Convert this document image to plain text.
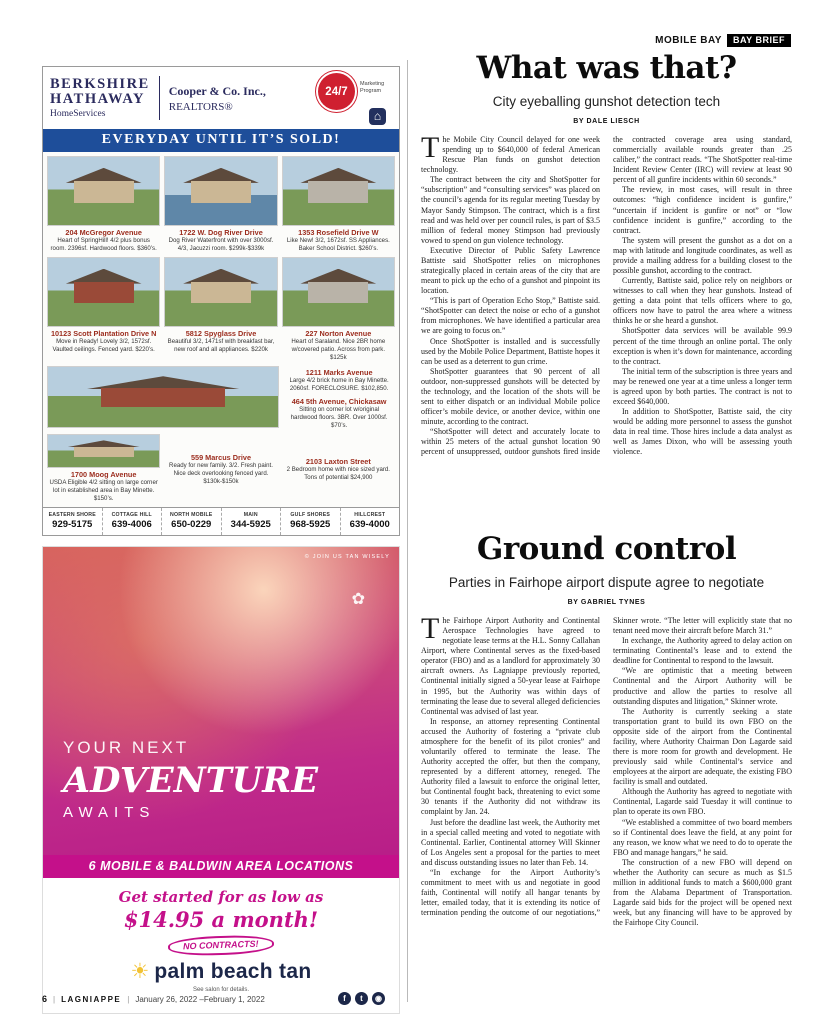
MOBILE BAY	BAY BRIEF
BERKSHIRE
HATHAWAY
HomeServices
Cooper & Co. Inc.,
REALTORS®
24/7
Marketing Program
⌂
EVERYDAY UNTIL IT’S SOLD!
204 McGregor Avenue
Heart of SpringHill! 4/2 plus bonus room. 2396sf. Hardwood floors. $360’s.
1722 W. Dog River Drive
Dog River Waterfront with over 3000sf. 4/3, Jacuzzi room. $299k-$339k
1353 Rosefield Drive W
Like New! 3/2, 1672sf. SS Appliances. Baker School District. $260’s.
10123 Scott Plantation Drive N
Move in Ready! Lovely 3/2, 1572sf. Vaulted ceilings. Fenced yard. $220’s.
5812 Spyglass Drive
Beautiful 3/2, 1471sf with breakfast bar, new roof and all appliances. $220k
227 Norton Avenue
Heart of Saraland. Nice 2BR home w/covered patio. Across from park. $125k
1211 Marks Avenue
Large 4/2 brick home in Bay Minette. 2060sf. FORECLOSURE. $102,850.
464 5th Avenue, Chickasaw
Sitting on corner lot w/original hardwood floors. 3BR. Over 1000sf. $70’s.
1700 Moog Avenue
USDA Eligible 4/2 sitting on large corner lot in established area in Bay Minette. $150’s.
559 Marcus Drive
Ready for new family. 3/2. Fresh paint. Nice deck overlooking fenced yard. $130k-$150k
2103 Laxton Street
2 Bedroom home with nice sized yard. Tons of potential $24,900
EASTERN SHORE
929-5175
COTTAGE HILL
639-4006
NORTH MOBILE
650-0229
MAIN
344-5925
GULF SHORES
968-5925
HILLCREST
639-4000
© JOIN US TAN WISELY
✿
YOUR NEXT
ADVENTURE
AWAITS
6 MOBILE & BALDWIN AREA LOCATIONS
Get started for as low as
$14.95 a month!
NO CONTRACTS!
☀ palm beach tan
See salon for details.
f	t	◉
What was that?
City eyeballing gunshot detection tech
BY DALE LIESCH

The Mobile City Council delayed for one week spending up to $640,000 of federal American Rescue Plan funds on gunshot detection technology.

The contract between the city and ShotSpotter for “subscription” and “consulting services” was placed on the council’s agenda for its regular meeting Tuesday by Mayor Sandy Stimpson. The contract, which is a first read and was held over per council rules, is part of $3.5 million of federal money Stimpson had previously vowed to spend on gun violence technology.

Executive Director of Public Safety Lawrence Battiste said ShotSpotter relies on microphones strategically placed in certain areas of the city that are meant to pick up the echo of a gunshot and pinpoint its location.

“This is part of Operation Echo Stop,” Battiste said. “ShotSpotter can detect the noise or echo of a gunshot from microphones. We have identified a particular area we are going to focus on.”

Once ShotSpotter is installed and is successfully used by the Mobile Police Department, Battiste hopes it can be used as a deterrent to gun crime.

ShotSpotter guarantees that 90 percent of all outdoor, non-suppressed gunshots will be detected by the technology, and the location of the shots will be sent to either dispatch or an individual Mobile police officer’s mobile device, or another device, within one minute, according to the contract.

“ShotSpotter will detect and accurately locate to within 25 meters of the actual gunshot location 90 percent of unsuppressed, outdoor gunshots fired inside the contracted coverage area using standard, commercially available rounds greater than .25 caliber,” the contract reads. “The ShotSpotter real-time Incident Review Center (IRC) will review at least 90 percent of all gunfire incidents within 60 seconds.”

The review, in most cases, will result in three outcomes: “high confidence incident is gunfire,” “uncertain if incident is gunfire or not” or “low confidence incident is gunfire,” according to the contract.

The system will present the gunshot as a dot on a map with latitude and longitude coordinates, as well as provide a mailing address for a building closest to the possible gunshot, according to the contract.

Currently, Battiste said, police rely on neighbors or witnesses to call when they hear gunshots. Instead of getting a data point that tells officers where to go, officers now have to patrol the area where a witness thinks he or she heard a gunshot.

ShotSpotter data services will be available 99.9 percent of the time through an online portal. The only exception is when it’s down for maintenance, according to the contract.

The initial term of the subscription is three years and may be renewed one year at a time unless a longer term is agreed upon by both parties. The contract is not to exceed $640,000.

In addition to ShotSpotter, Battiste said, the city would be adding more personnel to assess the gunshot data in real time. Those hires include a data analyst as well as James Dixon, who will be assessing youth violence.

Ground control
Parties in Fairhope airport dispute agree to negotiate
BY GABRIEL TYNES

The Fairhope Airport Authority and Continental Aerospace Technologies have agreed to negotiate lease terms at the H.L. Sonny Callahan Airport, where Continental serves as the fixed-based operator (FBO) and as a landlord for approximately 30 aircraft owners. As Lagniappe previously reported, Continental initially signed a 50-year lease at Fairhope in 1995, but the Authority was within days of terminating the lease due to several alleged deficiencies Continental was advised of last year.

In response, an attorney representing Continental accused the Authority of fostering a “private club atmosphere for the benefit of its pilot cronies” and voluntarily offered to terminate the lease. The Authority accepted the offer, but then the company, represented by a different attorney, reneged. The Authority filed a lawsuit to enforce the original letter, but Continental fought back, threatening to evict some 30 tenants if the Authority did not withdraw its complaint by Jan. 24.

Just before the deadline last week, the Authority met in a special called meeting and voted to negotiate with Continental. Earlier, Continental attorney Will Skinner of Los Angeles sent a proposal for the parties to meet and discuss outstanding issues no later than Feb. 14.

“In exchange for the Airport Authority’s commitment to meet with us and negotiate in good faith, Continental will notify all hangar tenants by letter, emailed today, that it is extending its notice of termination pending the outcome of our negotiations,” Skinner wrote. “The letter will explicitly state that no tenant need move their aircraft before March 31.”

In exchange, the Authority agreed to delay action on terminating Continental’s lease and to extend the deadline for Continental to respond to the lawsuit.

“We are optimistic that a meeting between Continental and the Airport Authority will be productive and allow the parties to resolve all outstanding disputes and litigation,” Skinner wrote.

The Authority is currently seeking a state transportation grant to build its own FBO on the opposite side of the airport from the Continental facility, where Authority Chairman Don Lagarde said there is more room for growth and development. He previously said while Continental’s service and employees at the airport are adequate, the existing FBO facility is small and outdated.

Although the Authority has agreed to negotiate with Continental, Lagarde said Tuesday it will continue to plan to operate its own FBO.

“We established a committee of two board members so if Continental does leave the field, at any point for any reason, we know what we need to do to operate the FBO and manage hangars,” he said.

The construction of a new FBO will depend on whether the Authority can secure as much as $1.5 million in additional funds to match a $600,000 grant from the Alabama Department of Transportation. Lagarde said bids for the project will be opened next week, but any financing will have to be approved by the Fairhope City Council.

6 | LAGNIAPPE | January 26, 2022 –February 1, 2022
